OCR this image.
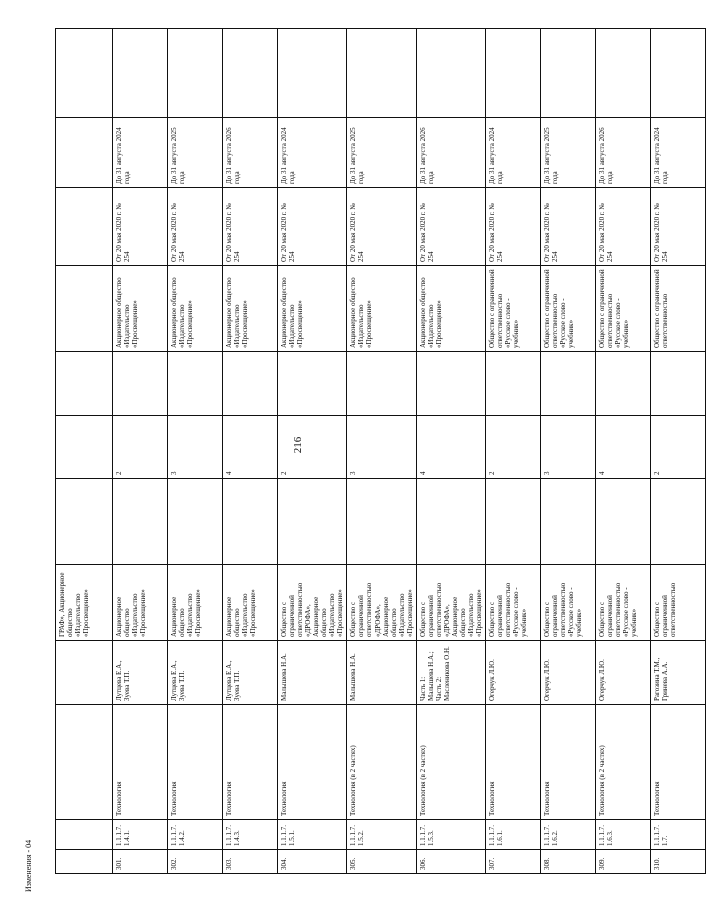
216
				ГРАФ», Акционерное общество «Издательство «Просвещение»							
301.	1.1.1.7.1.4.1.	Технология	Лутцева Е.А., Зуева Т.П.	Акционерное общество «Издательство «Просвещение»		2		Акционерное общество «Издательство «Просвещение»	От 20 мая 2020 г. № 254	До 31 августа 2024 года	
302.	1.1.1.7.1.4.2.	Технология	Лутцева Е.А., Зуева Т.П.	Акционерное общество «Издательство «Просвещение»		3		Акционерное общество «Издательство «Просвещение»	От 20 мая 2020 г. № 254	До 31 августа 2025 года	
303.	1.1.1.7.1.4.3.	Технология	Лутцева Е.А., Зуева Т.П.	Акционерное общество «Издательство «Просвещение»		4		Акционерное общество «Издательство «Просвещение»	От 20 мая 2020 г. № 254	До 31 августа 2026 года	
304.	1.1.1.7.1.5.1.	Технология	Малышева Н.А.	Общество с ограниченной ответственностью «ДРОФА», Акционерное общество «Издательство «Просвещение»		2		Акционерное общество «Издательство «Просвещение»	От 20 мая 2020 г. № 254	До 31 августа 2024 года	
305.	1.1.1.7.1.5.2.	Технология (в 2 частях)	Малышева Н.А.	Общество с ограниченной ответственностью «ДРОФА», Акционерное общество «Издательство «Просвещение»		3		Акционерное общество «Издательство «Просвещение»	От 20 мая 2020 г. № 254	До 31 августа 2025 года	
306.	1.1.1.7.1.5.3.	Технология (в 2 частях)	Часть 1: Малышева Н.А.; Часть 2: Масленикова О.Н.	Общество с ограниченной ответственностью «ДРОФА», Акционерное общество «Издательство «Просвещение»		4		Акционерное общество «Издательство «Просвещение»	От 20 мая 2020 г. № 254	До 31 августа 2026 года	
307.	1.1.1.7.1.6.1.	Технология	Огерчук Л.Ю.	Общество с ограниченной ответственностью «Русское слово - учебник»		2		Общество с ограниченной ответственностью «Русское слово - учебник»	От 20 мая 2020 г. № 254	До 31 августа 2024 года	
308.	1.1.1.7.1.6.2.	Технология	Огерчук Л.Ю.	Общество с ограниченной ответственностью «Русское слово - учебник»		3		Общество с ограниченной ответственностью «Русское слово - учебник»	От 20 мая 2020 г. № 254	До 31 августа 2025 года	
309.	1.1.1.7.1.6.3.	Технология (в 2 частях)	Огерчук Л.Ю.	Общество с ограниченной ответственностью «Русское слово - учебник»		4		Общество с ограниченной ответственностью «Русское слово - учебник»	От 20 мая 2020 г. № 254	До 31 августа 2026 года	
310.	1.1.1.7.1.7.	Технология	Рагозина Т.М., Гринева А.А.	Общество с ограниченной ответственностью		2		Общество с ограниченной ответственностью	От 20 мая 2020 г. № 254	До 31 августа 2024 года	
Изменения - 04
